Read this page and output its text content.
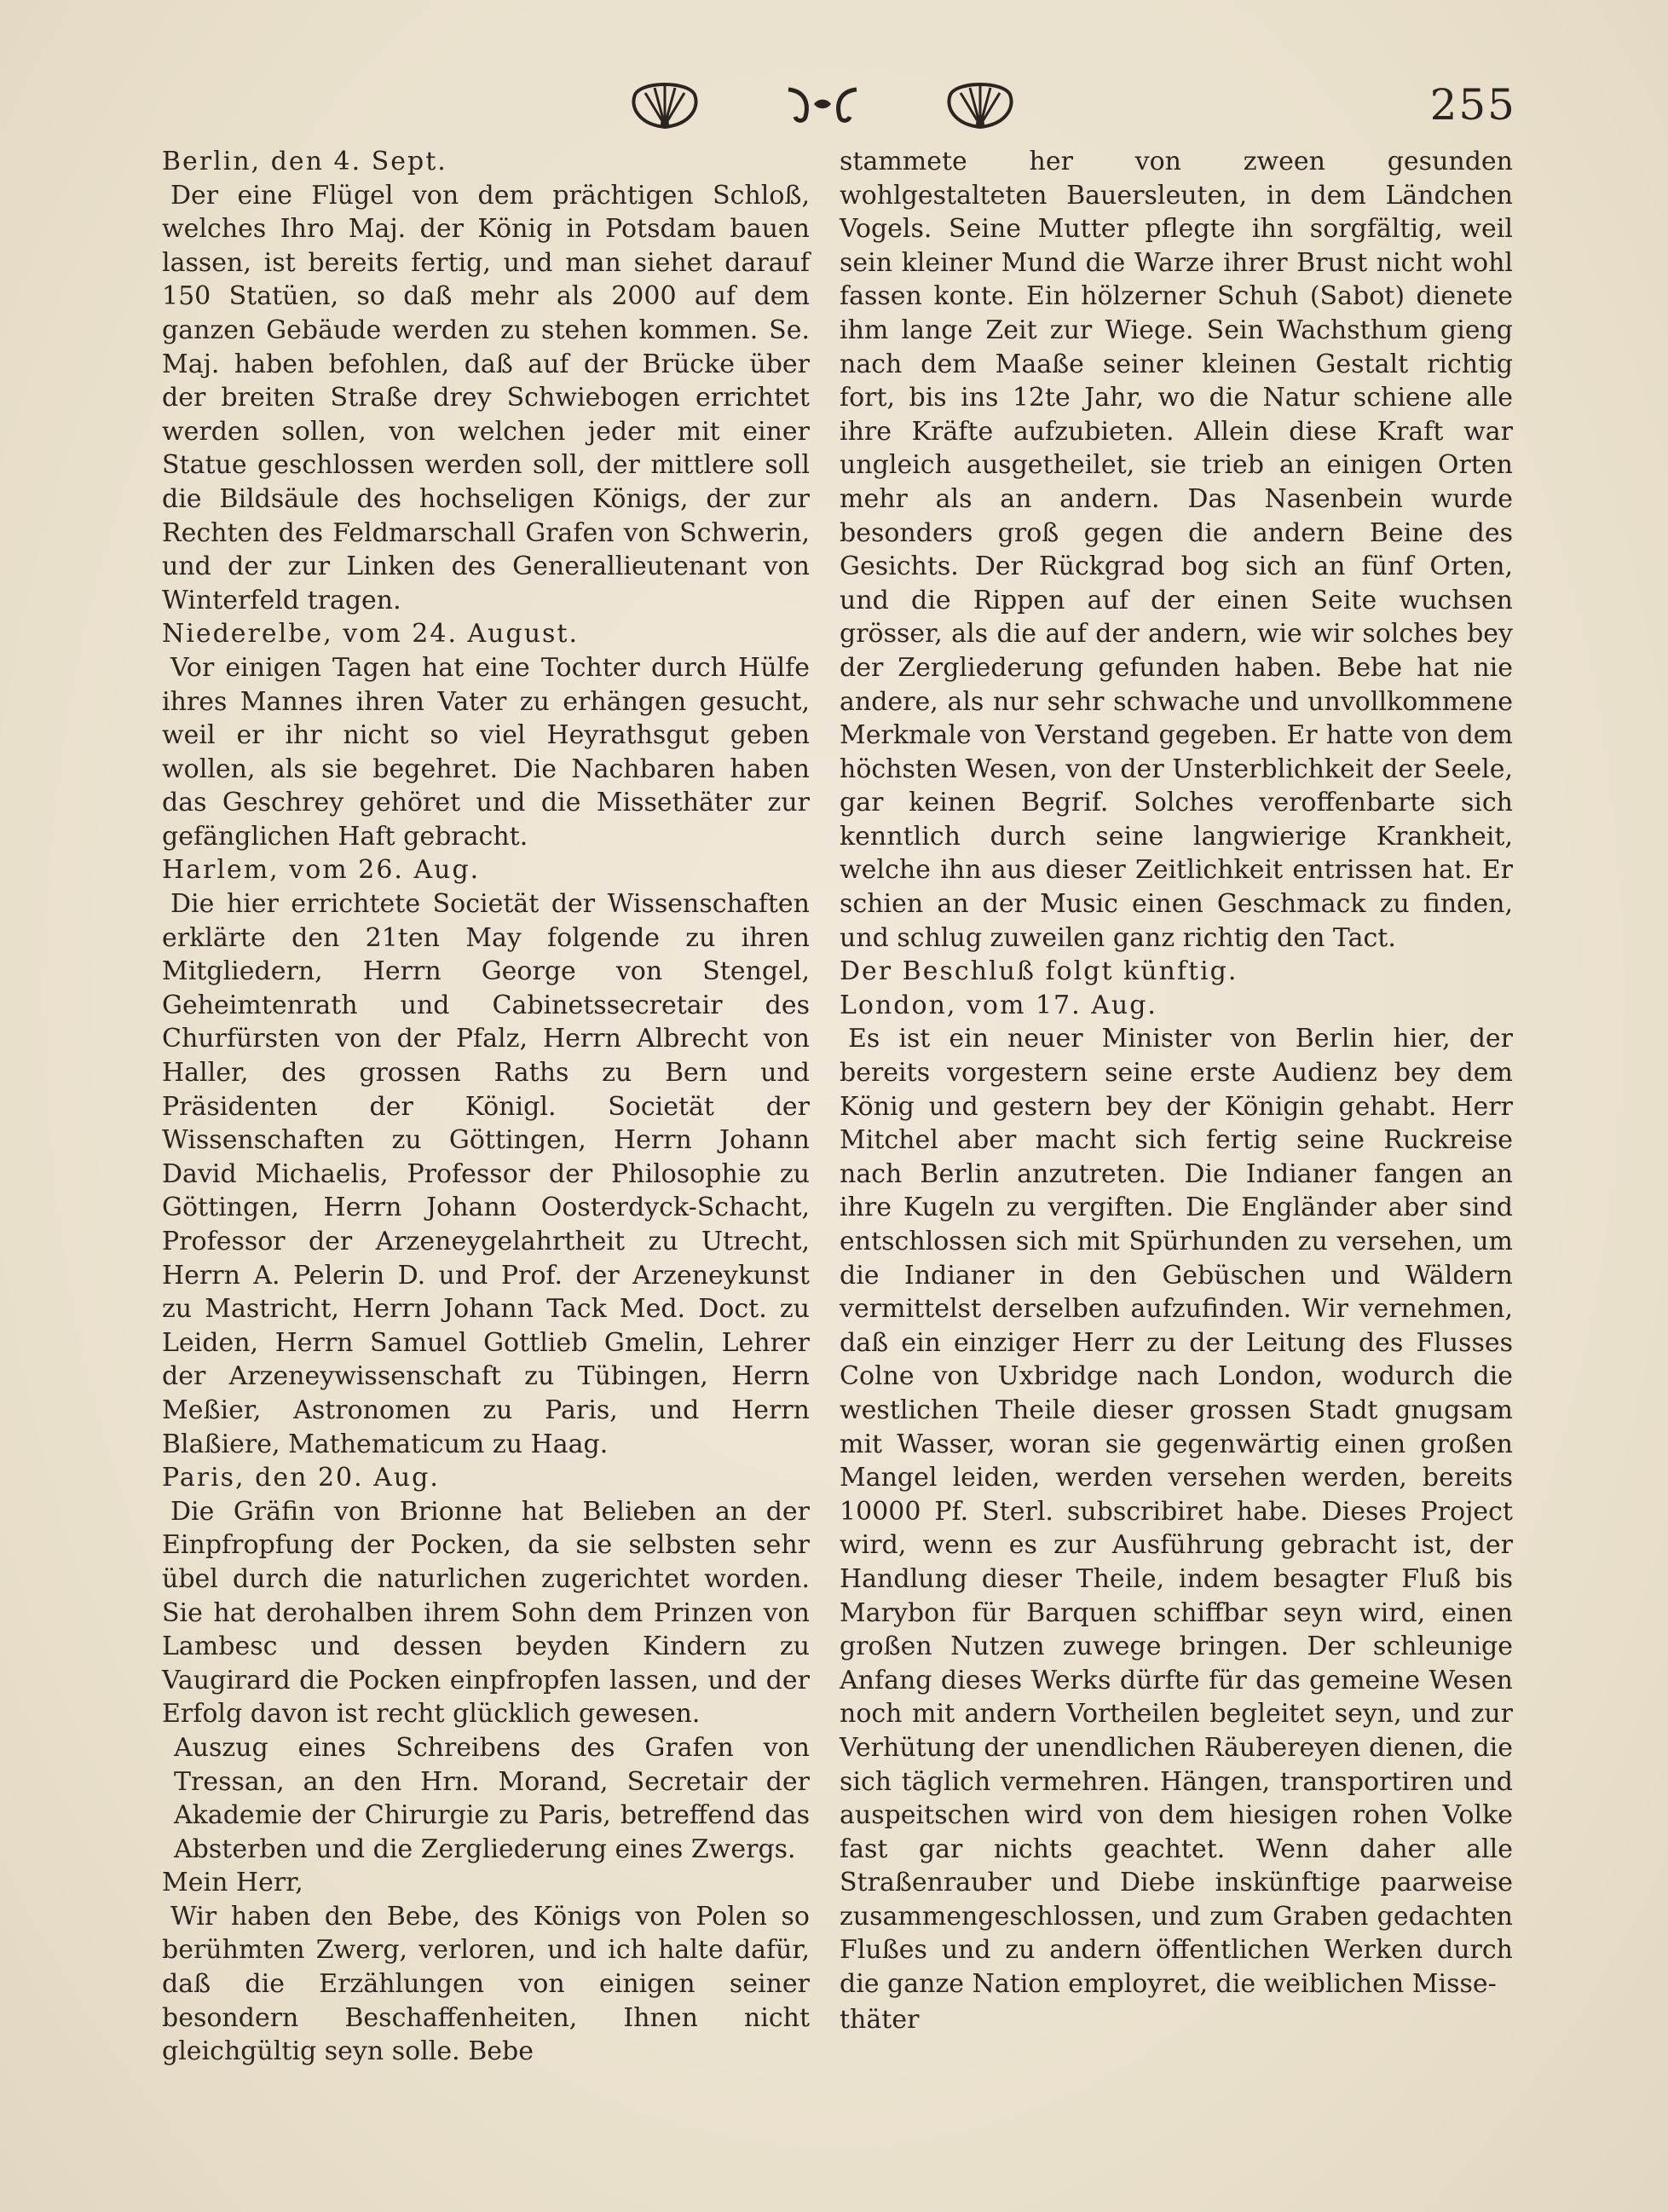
255

Berlin, den 4. Sept.

Der eine Flügel von dem prächtigen Schloß, welches Ihro Maj. der König in Potsdam bauen lassen, ist bereits fertig, und man siehet darauf 150 Statüen, so daß mehr als 2000 auf dem ganzen Gebäude werden zu stehen kommen. Se. Maj. haben befohlen, daß auf der Brücke über der breiten Straße drey Schwiebogen errichtet werden sollen, von welchen jeder mit einer Statue geschlossen werden soll, der mittlere soll die Bildsäule des hochseligen Königs, der zur Rechten des Feldmarschall Grafen von Schwerin, und der zur Linken des Generallieutenant von Winterfeld tragen.

Niederelbe, vom 24. August.

Vor einigen Tagen hat eine Tochter durch Hülfe ihres Mannes ihren Vater zu erhängen gesucht, weil er ihr nicht so viel Heyrathsgut geben wollen, als sie begehret. Die Nachbaren haben das Geschrey gehöret und die Missethäter zur gefänglichen Haft gebracht.

Harlem, vom 26. Aug.

Die hier errichtete Societät der Wissenschaften erklärte den 21ten May folgende zu ihren Mitgliedern, Herrn George von Stengel, Geheimtenrath und Cabinetssecretair des Churfürsten von der Pfalz, Herrn Albrecht von Haller, des grossen Raths zu Bern und Präsidenten der Königl. Societät der Wissenschaften zu Göttingen, Herrn Johann David Michaelis, Professor der Philosophie zu Göttingen, Herrn Johann Oosterdyck-Schacht, Professor der Arzeneygelahrtheit zu Utrecht, Herrn A. Pelerin D. und Prof. der Arzeneykunst zu Mastricht, Herrn Johann Tack Med. Doct. zu Leiden, Herrn Samuel Gottlieb Gmelin, Lehrer der Arzeneywissenschaft zu Tübingen, Herrn Meßier, Astronomen zu Paris, und Herrn Blaßiere, Mathematicum zu Haag.

Paris, den 20. Aug.

Die Gräfin von Brionne hat Belieben an der Einpfropfung der Pocken, da sie selbsten sehr übel durch die naturlichen zugerichtet worden. Sie hat derohalben ihrem Sohn dem Prinzen von Lambesc und dessen beyden Kindern zu Vaugirard die Pocken einpfropfen lassen, und der Erfolg davon ist recht glücklich gewesen.

Auszug eines Schreibens des Grafen von Tressan, an den Hrn. Morand, Secretair der Akademie der Chirurgie zu Paris, betreffend das Absterben und die Zergliederung eines Zwergs.

Mein Herr,

Wir haben den Bebe, des Königs von Polen so berühmten Zwerg, verloren, und ich halte dafür, daß die Erzählungen von einigen seiner besondern Beschaffenheiten, Ihnen nicht gleichgültig seyn solle. Bebe

stammete her von zween gesunden wohlgestalteten Bauersleuten, in dem Ländchen Vogels. Seine Mutter pflegte ihn sorgfältig, weil sein kleiner Mund die Warze ihrer Brust nicht wohl fassen konte. Ein hölzerner Schuh (Sabot) dienete ihm lange Zeit zur Wiege. Sein Wachsthum gieng nach dem Maaße seiner kleinen Gestalt richtig fort, bis ins 12te Jahr, wo die Natur schiene alle ihre Kräfte aufzubieten. Allein diese Kraft war ungleich ausgetheilet, sie trieb an einigen Orten mehr als an andern. Das Nasenbein wurde besonders groß gegen die andern Beine des Gesichts. Der Rückgrad bog sich an fünf Orten, und die Rippen auf der einen Seite wuchsen grösser, als die auf der andern, wie wir solches bey der Zergliederung gefunden haben. Bebe hat nie andere, als nur sehr schwache und unvollkommene Merkmale von Verstand gegeben. Er hatte von dem höchsten Wesen, von der Unsterblichkeit der Seele, gar keinen Begrif. Solches veroffenbarte sich kenntlich durch seine langwierige Krankheit, welche ihn aus dieser Zeitlichkeit entrissen hat. Er schien an der Music einen Geschmack zu finden, und schlug zuweilen ganz richtig den Tact.

Der Beschluß folgt künftig.

London, vom 17. Aug.

Es ist ein neuer Minister von Berlin hier, der bereits vorgestern seine erste Audienz bey dem König und gestern bey der Königin gehabt. Herr Mitchel aber macht sich fertig seine Ruckreise nach Berlin anzutreten. Die Indianer fangen an ihre Kugeln zu vergiften. Die Engländer aber sind entschlossen sich mit Spürhunden zu versehen, um die Indianer in den Gebüschen und Wäldern vermittelst derselben aufzufinden. Wir vernehmen, daß ein einziger Herr zu der Leitung des Flusses Colne von Uxbridge nach London, wodurch die westlichen Theile dieser grossen Stadt gnugsam mit Wasser, woran sie gegenwärtig einen großen Mangel leiden, werden versehen werden, bereits 10000 Pf. Sterl. subscribiret habe. Dieses Project wird, wenn es zur Ausführung gebracht ist, der Handlung dieser Theile, indem besagter Fluß bis Marybon für Barquen schiffbar seyn wird, einen großen Nutzen zuwege bringen. Der schleunige Anfang dieses Werks dürfte für das gemeine Wesen noch mit andern Vortheilen begleitet seyn, und zur Verhütung der unendlichen Räubereyen dienen, die sich täglich vermehren. Hängen, transportiren und auspeitschen wird von dem hiesigen rohen Volke fast gar nichts geachtet. Wenn daher alle Straßenrauber und Diebe inskünftige paarweise zusammengeschlossen, und zum Graben gedachten Flußes und zu andern öffentlichen Werken durch die ganze Nation employret, die weiblichen Misse-

thäter
